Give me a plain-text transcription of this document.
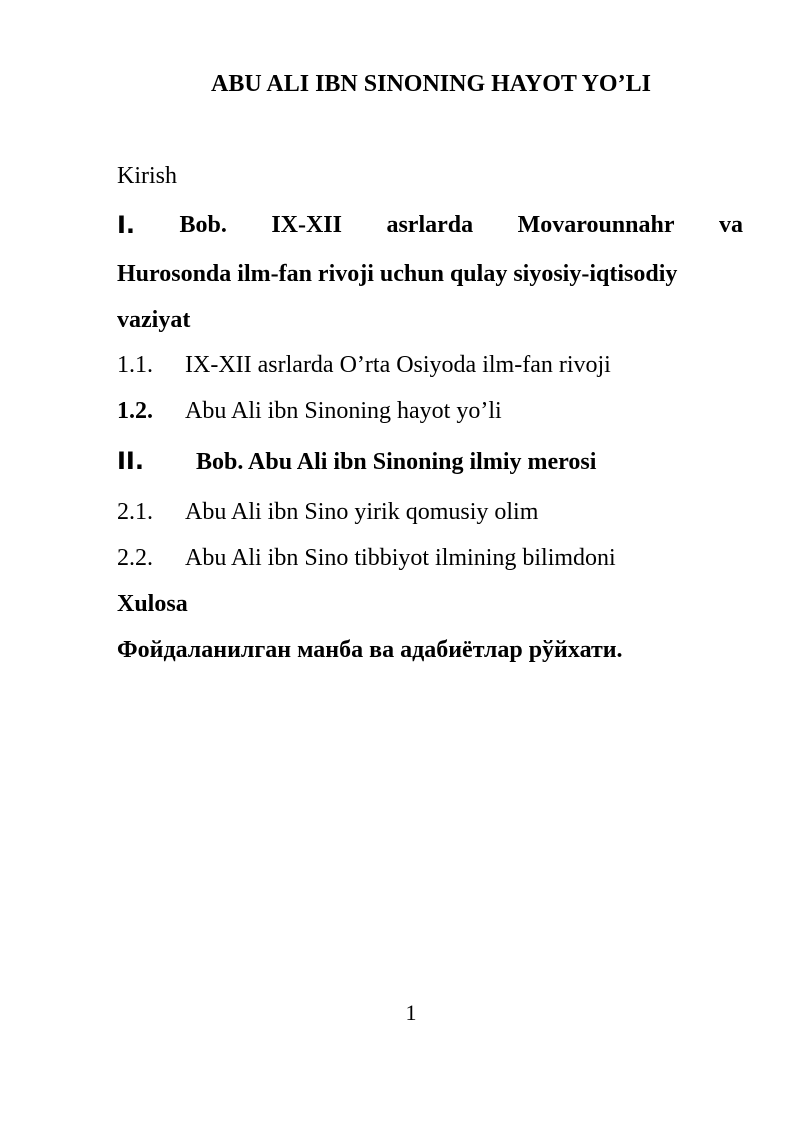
ABU ALI IBN SINONING HAYOT YO’LI
Kirish
I. Bob. IX-XII asrlarda Movarounnahr va
Hurosonda ilm-fan rivoji uchun qulay siyosiy-iqtisodiy
vaziyat
1.1. IX-XII asrlarda O’rta Osiyoda ilm-fan rivoji
1.2. Abu Ali ibn Sinoning hayot yo’li
II. Bob. Abu Ali ibn Sinoning ilmiy merosi
2.1. Abu Ali ibn Sino yirik qomusiy olim
2.2. Abu Ali ibn Sino tibbiyot ilmining bilimdoni
Xulosa
Фойдаланилган манба ва адабиётлар рўйхати.
1
